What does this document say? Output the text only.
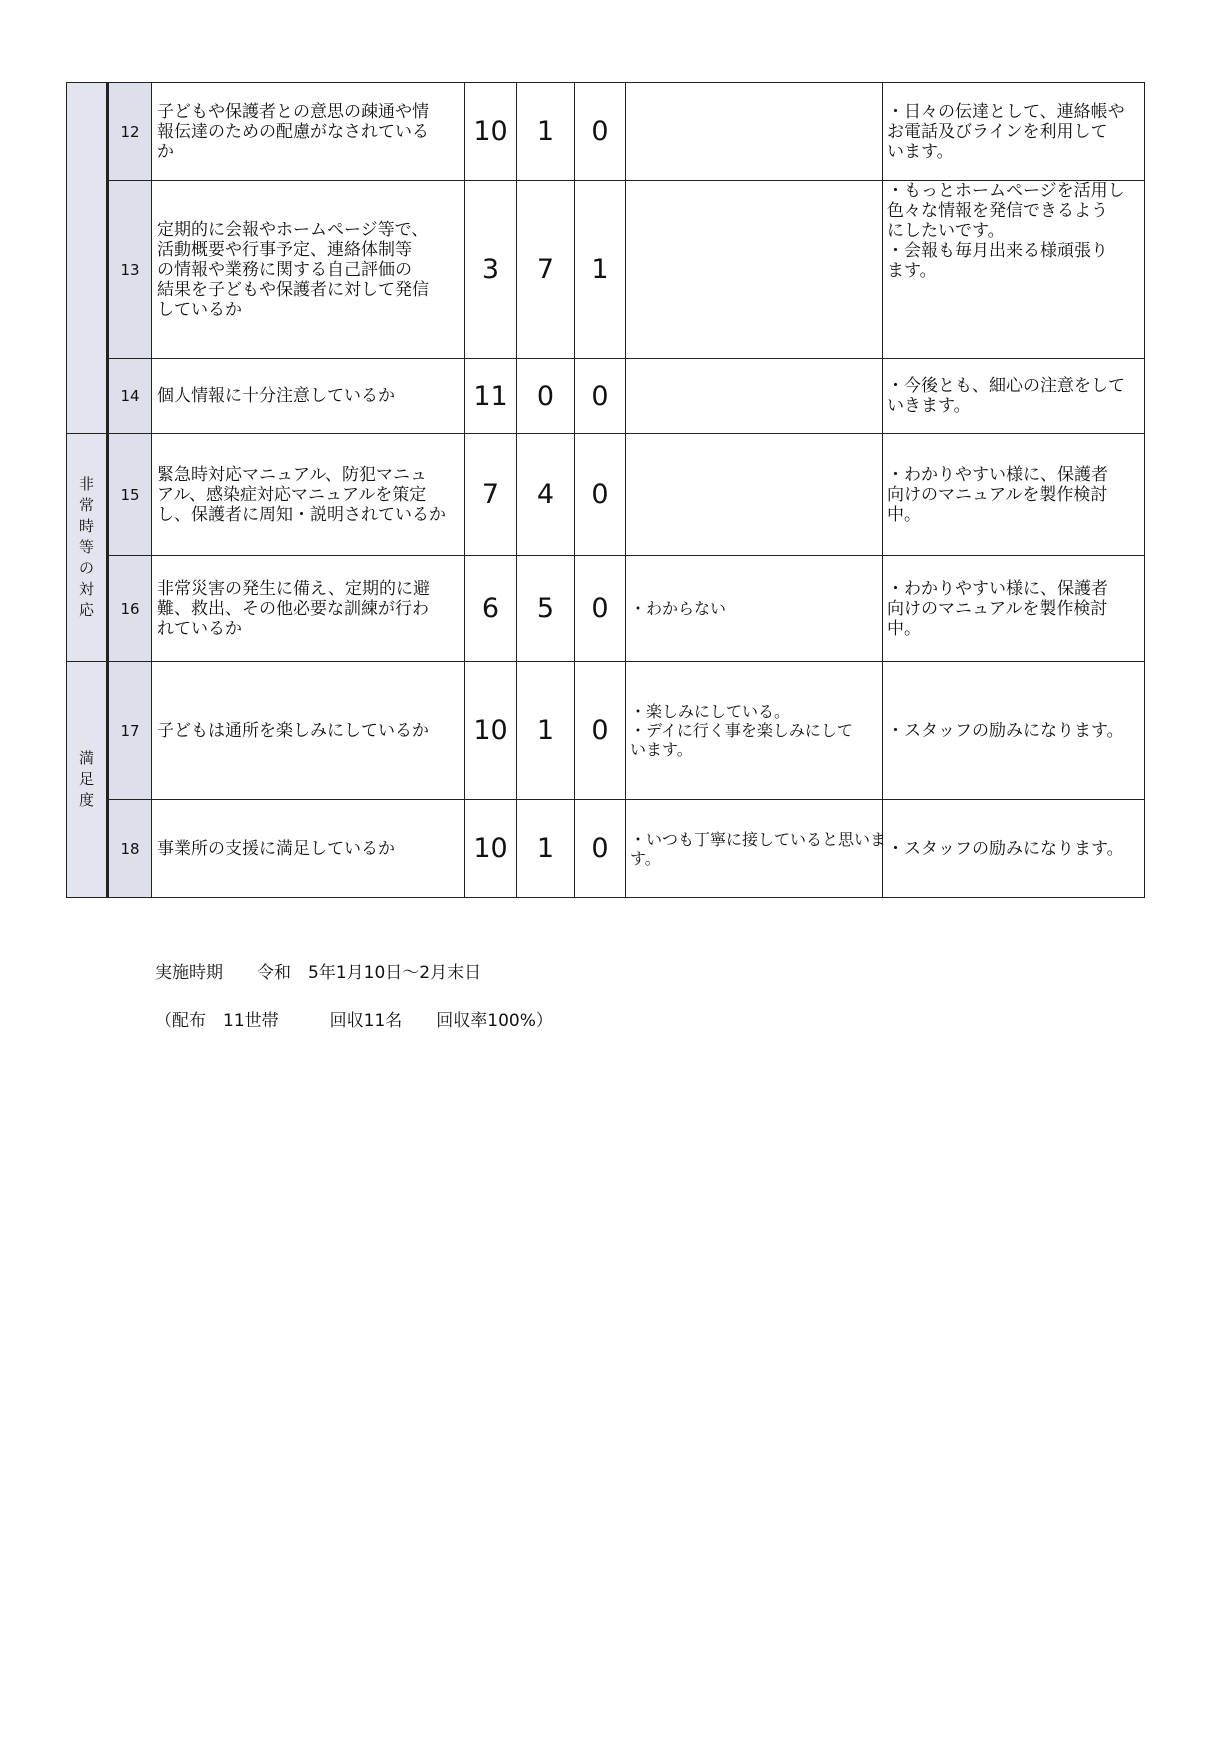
	12	子どもや保護者との意思の疎通や情
報伝達のための配慮がなされている
か	10	1	0		・日々の伝達として、連絡帳や
お電話及びラインを利用して
います。

	13	定期的に会報やホームページ等で、
活動概要や行事予定、連絡体制等
の情報や業務に関する自己評価の
結果を子どもや保護者に対して発信
しているか	3	7	1		・もっとホームページを活用し
色々な情報を発信できるよう
にしたいです。
・会報も毎月出来る様頑張り
ます。

	14	個人情報に十分注意しているか	11	0	0		・今後とも、細心の注意をして
いきます。

非常時等の対応	15	緊急時対応マニュアル、防犯マニュ
アル、感染症対応マニュアルを策定
し、保護者に周知・説明されているか	7	4	0		・わかりやすい様に、保護者
向けのマニュアルを製作検討
中。

	16	非常災害の発生に備え、定期的に避
難、救出、その他必要な訓練が行わ
れているか	6	5	0	・わからない	・わかりやすい様に、保護者
向けのマニュアルを製作検討
中。

満足度	17	子どもは通所を楽しみにしているか	10	1	0	・楽しみにしている。
・デイに行く事を楽しみにして
います。	・スタッフの励みになります。

	18	事業所の支援に満足しているか	10	1	0	・いつも丁寧に接していると思いま
す。	・スタッフの励みになります。
実施時期　　令和　5年1月10日～2月末日
（配布　11世帯　　　回収11名　　回収率100%）
